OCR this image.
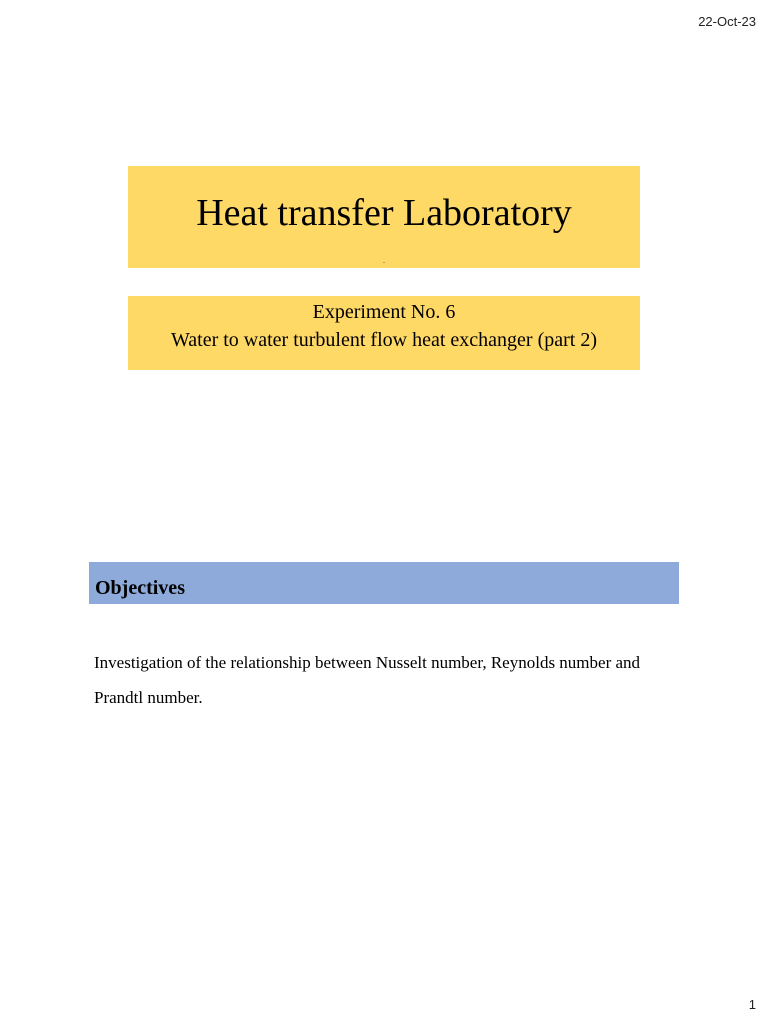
22-Oct-23
Heat transfer Laboratory
.
Experiment No. 6
Water to water turbulent flow heat exchanger (part 2)
Objectives
Investigation of the relationship between Nusselt number, Reynolds number and Prandtl number.
1
